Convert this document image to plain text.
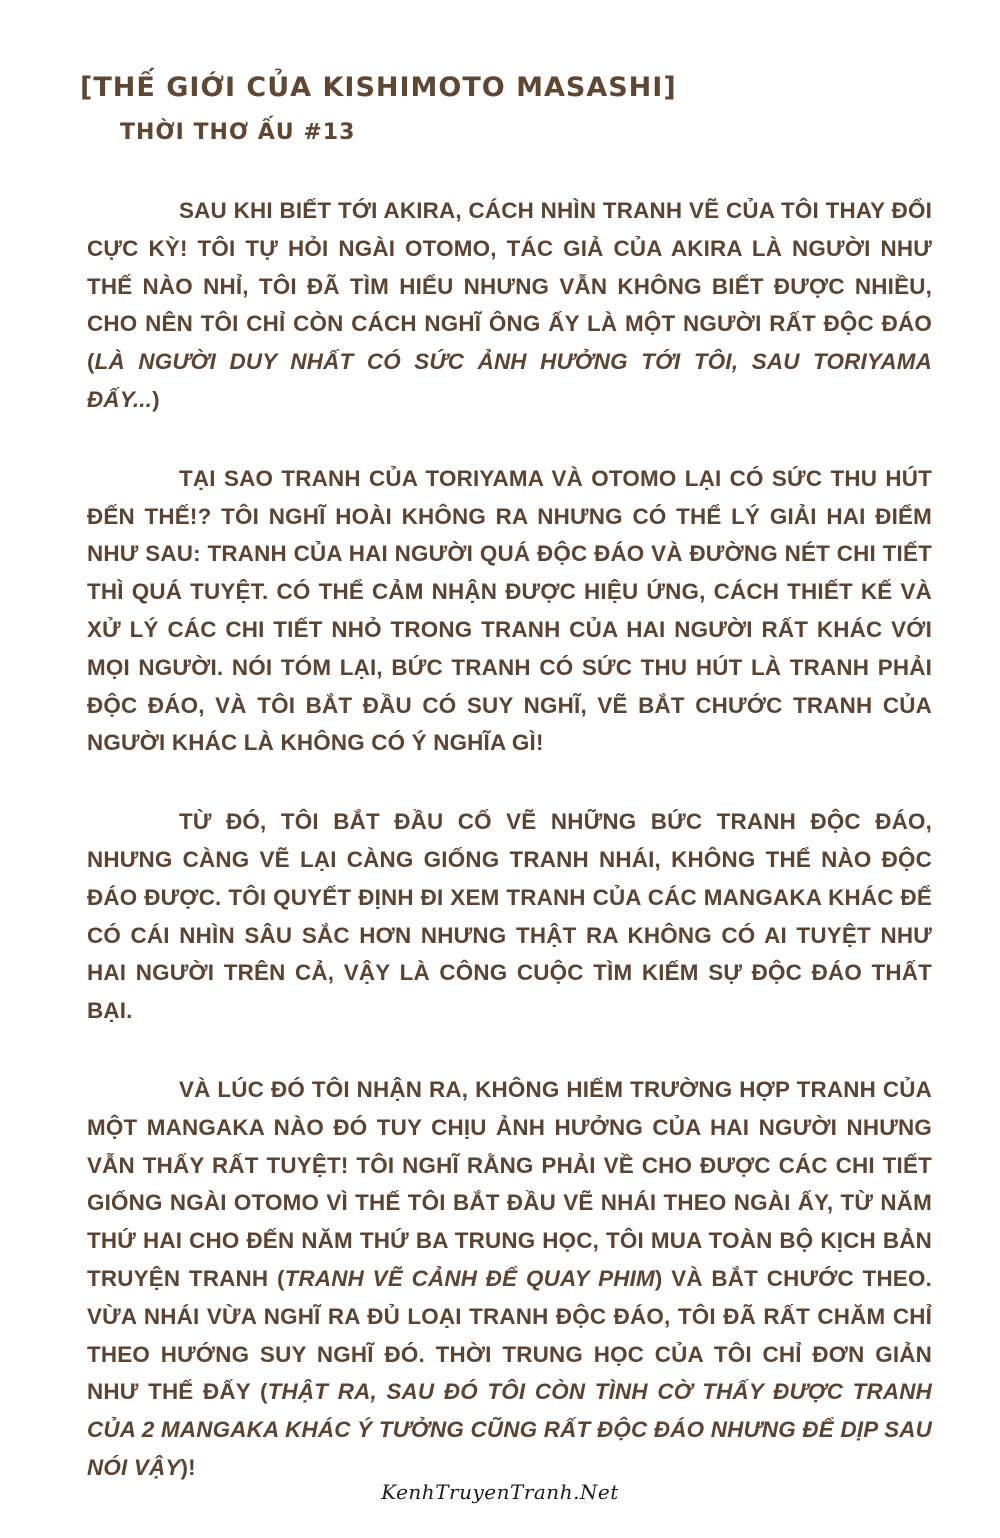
[THẾ GIỚI CỦA KISHIMOTO MASASHI]
THỜI THƠ ẤU #13

SAU KHI BIẾT TỚI AKIRA, CÁCH NHÌN TRANH VẼ CỦA TÔI THAY ĐỔI CỰC KỲ! TÔI TỰ HỎI NGÀI OTOMO, TÁC GIẢ CỦA AKIRA LÀ NGƯỜI NHƯ THẾ NÀO NHỈ, TÔI ĐÃ TÌM HIỂU NHƯNG VẪN KHÔNG BIẾT ĐƯỢC NHIỀU, CHO NÊN TÔI CHỈ CÒN CÁCH NGHĨ ÔNG ẤY LÀ MỘT NGƯỜI RẤT ĐỘC ĐÁO (LÀ NGƯỜI DUY NHẤT CÓ SỨC ẢNH HƯỞNG TỚI TÔI, SAU TORIYAMA ĐẤY...)

TẠI SAO TRANH CỦA TORIYAMA VÀ OTOMO LẠI CÓ SỨC THU HÚT ĐẾN THẾ!? TÔI NGHĨ HOÀI KHÔNG RA NHƯNG CÓ THỂ LÝ GIẢI HAI ĐIỂM NHƯ SAU: TRANH CỦA HAI NGƯỜI QUÁ ĐỘC ĐÁO VÀ ĐƯỜNG NÉT CHI TIẾT THÌ QUÁ TUYỆT. CÓ THỂ CẢM NHẬN ĐƯỢC HIỆU ỨNG, CÁCH THIẾT KẾ VÀ XỬ LÝ CÁC CHI TIẾT NHỎ TRONG TRANH CỦA HAI NGƯỜI RẤT KHÁC VỚI MỌI NGƯỜI. NÓI TÓM LẠI, BỨC TRANH CÓ SỨC THU HÚT LÀ TRANH PHẢI ĐỘC ĐÁO, VÀ TÔI BẮT ĐẦU CÓ SUY NGHĨ, VẼ BẮT CHƯỚC TRANH CỦA NGƯỜI KHÁC LÀ KHÔNG CÓ Ý NGHĨA GÌ!

TỪ ĐÓ, TÔI BẮT ĐẦU CỐ VẼ NHỮNG BỨC TRANH ĐỘC ĐÁO, NHƯNG CÀNG VẼ LẠI CÀNG GIỐNG TRANH NHÁI, KHÔNG THỂ NÀO ĐỘC ĐÁO ĐƯỢC. TÔI QUYẾT ĐỊNH ĐI XEM TRANH CỦA CÁC MANGAKA KHÁC ĐỂ CÓ CÁI NHÌN SÂU SẮC HƠN NHƯNG THẬT RA KHÔNG CÓ AI TUYỆT NHƯ HAI NGƯỜI TRÊN CẢ, VẬY LÀ CÔNG CUỘC TÌM KIẾM SỰ ĐỘC ĐÁO THẤT BẠI.

VÀ LÚC ĐÓ TÔI NHẬN RA, KHÔNG HIẾM TRƯỜNG HỢP TRANH CỦA MỘT MANGAKA NÀO ĐÓ TUY CHỊU ẢNH HƯỞNG CỦA HAI NGƯỜI NHƯNG VẪN THẤY RẤT TUYỆT! TÔI NGHĨ RẰNG PHẢI VỀ CHO ĐƯỢC CÁC CHI TIẾT GIỐNG NGÀI OTOMO VÌ THẾ TÔI BẮT ĐẦU VẼ NHÁI THEO NGÀI ẤY, TỪ NĂM THỨ HAI CHO ĐẾN NĂM THỨ BA TRUNG HỌC, TÔI MUA TOÀN BỘ KỊCH BẢN TRUYỆN TRANH (TRANH VẼ CẢNH ĐỂ QUAY PHIM) VÀ BẮT CHƯỚC THEO. VỪA NHÁI VỪA NGHĨ RA ĐỦ LOẠI TRANH ĐỘC ĐÁO, TÔI ĐÃ RẤT CHĂM CHỈ THEO HƯỚNG SUY NGHĨ ĐÓ. THỜI TRUNG HỌC CỦA TÔI CHỈ ĐƠN GIẢN NHƯ THẾ ĐẤY (THẬT RA, SAU ĐÓ TÔI CÒN TÌNH CỜ THẤY ĐƯỢC TRANH CỦA 2 MANGAKA KHÁC Ý TƯỞNG CŨNG RẤT ĐỘC ĐÁO NHƯNG ĐỂ DỊP SAU NÓI VẬY)!

KenhTruyenTranh.Net
